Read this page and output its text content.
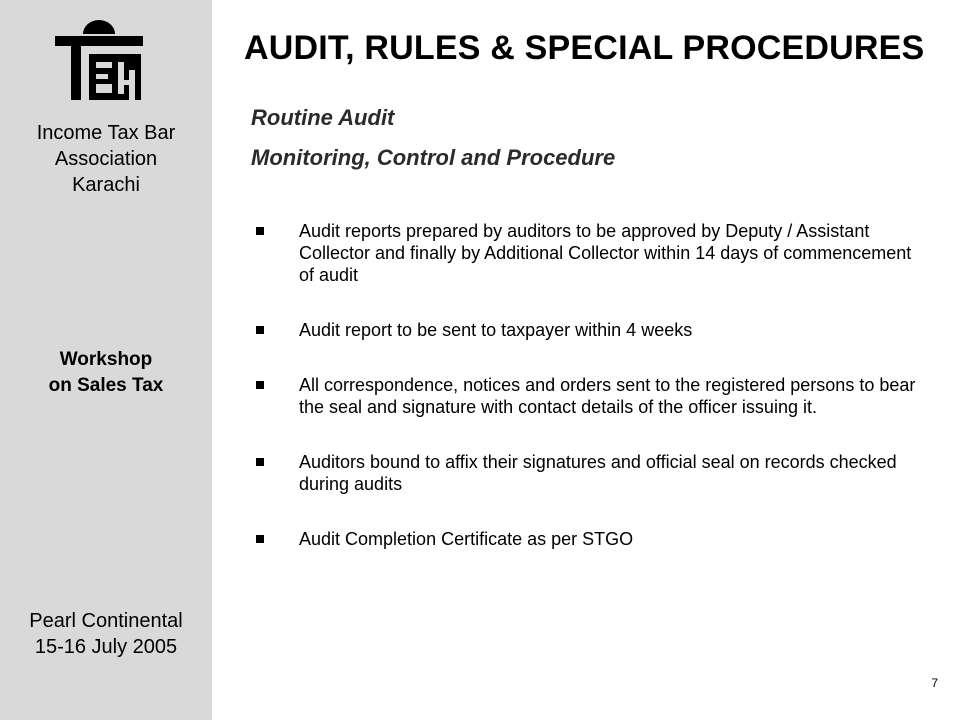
Income Tax Bar
Association
Karachi
Workshop
on Sales Tax
Pearl Continental
15-16 July 2005
AUDIT, RULES & SPECIAL PROCEDURES
Routine Audit
Monitoring, Control and Procedure
Audit reports prepared by auditors to be approved by Deputy / Assistant Collector and finally by Additional Collector within 14 days of commencement of audit
Audit report to be sent to taxpayer within 4 weeks
All correspondence, notices and orders sent to the registered persons to bear the seal and signature with contact details of the officer issuing it.
Auditors bound to affix their signatures and official seal on records checked during audits
Audit Completion Certificate as per STGO
7
